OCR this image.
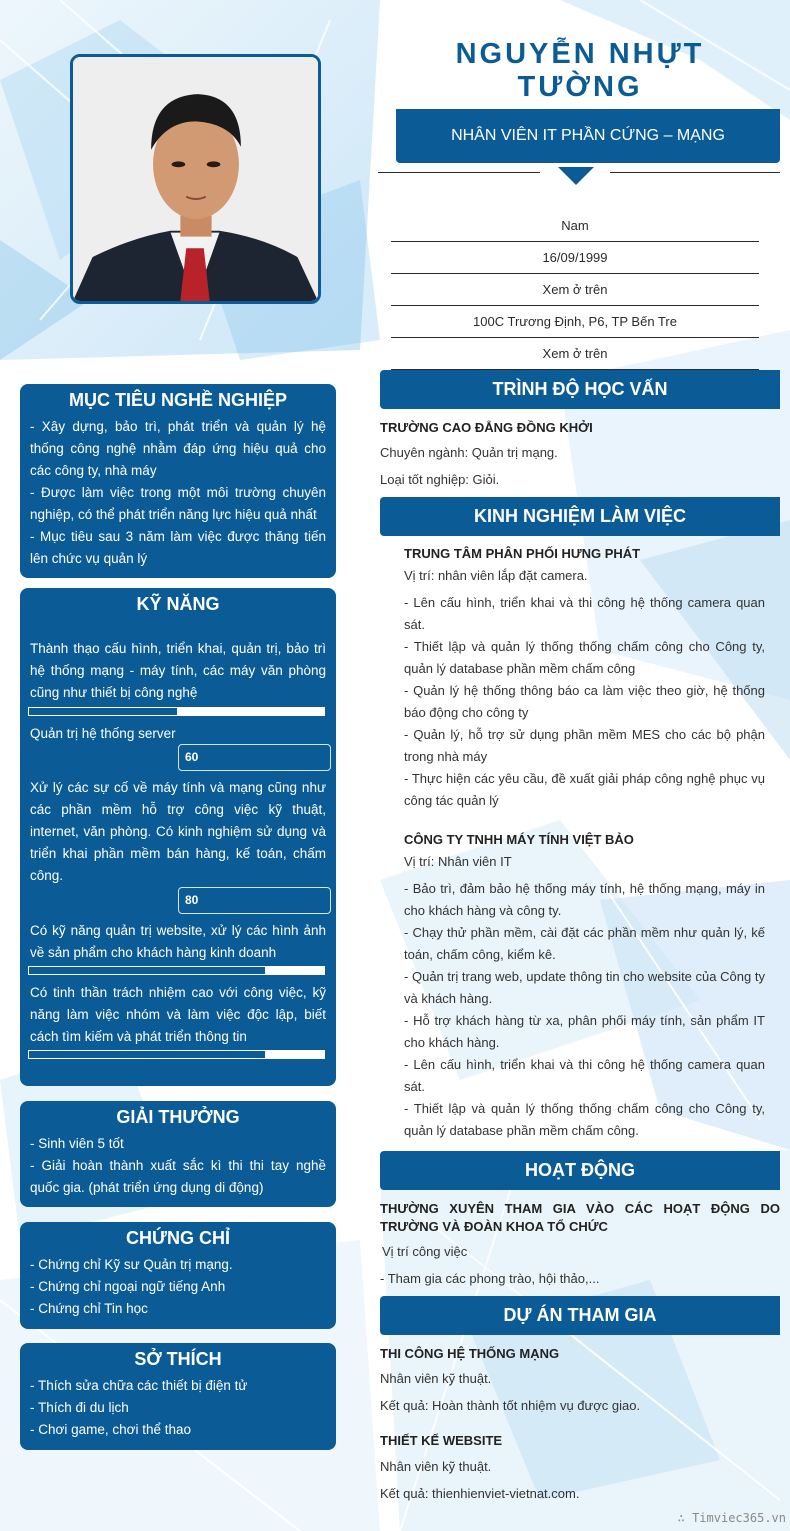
NGUYỄN NHỰT
TƯỜNG
NHÂN VIÊN IT PHẦN CỨNG – MẠNG
Nam
16/09/1999
Xem ở trên
100C Trương Định, P6, TP Bến Tre
Xem ở trên
MỤC TIÊU NGHỀ NGHIỆP
- Xây dựng, bảo trì, phát triển và quản lý hệ thống công nghệ nhằm đáp ứng hiệu quả cho các công ty, nhà máy
- Được làm việc trong một môi trường chuyên nghiệp, có thể phát triển năng lực hiệu quả nhất
- Mục tiêu sau 3 năm làm việc được thăng tiến lên chức vụ quản lý
KỸ NĂNG
Thành thạo cấu hình, triển khai, quản trị, bảo trì hệ thống mạng - máy tính, các máy văn phòng cũng như thiết bị công nghệ
Quản trị hệ thống server
60
Xử lý các sự cố về máy tính và mạng cũng như các phần mềm hỗ trợ công việc kỹ thuật, internet, văn phòng. Có kinh nghiệm sử dụng và triển khai phần mềm bán hàng, kế toán, chấm công.
80
Có kỹ năng quản trị website, xử lý các hình ảnh về sản phẩm cho khách hàng kinh doanh
Có tinh thần trách nhiệm cao với công việc, kỹ năng làm việc nhóm và làm việc độc lập, biết cách tìm kiếm và phát triển thông tin
GIẢI THƯỞNG
- Sinh viên 5 tốt
- Giải hoàn thành xuất sắc kì thi thi tay nghề quốc gia. (phát triển ứng dụng di động)
CHỨNG CHỈ
- Chứng chỉ Kỹ sư Quản trị mạng.
- Chứng chỉ ngoại ngữ tiếng Anh
- Chứng chỉ Tin học
SỞ THÍCH
- Thích sửa chữa các thiết bị điện tử
- Thích đi du lịch
- Chơi game, chơi thể thao
TRÌNH ĐỘ HỌC VẤN
TRƯỜNG CAO ĐẲNG ĐỒNG KHỞI
Chuyên ngành: Quản trị mạng.
Loại tốt nghiệp: Giỏi.
KINH NGHIỆM LÀM VIỆC
TRUNG TÂM PHÂN PHỐI HƯNG PHÁT
Vị trí: nhân viên lắp đặt camera.
- Lên cấu hình, triển khai và thi công hệ thống camera quan sát.
- Thiết lập và quản lý thống thống chấm công cho Công ty, quản lý database phần mềm chấm công
- Quản lý hệ thống thông báo ca làm việc theo giờ, hệ thống báo động cho công ty
- Quản lý, hỗ trợ sử dụng phần mềm MES cho các bộ phận trong nhà máy
- Thực hiện các yêu cầu, đề xuất giải pháp công nghệ phục vụ công tác quản lý
CÔNG TY TNHH MÁY TÍNH VIỆT BẢO
Vị trí: Nhân viên IT
- Bảo trì, đảm bảo hệ thống máy tính, hệ thống mạng, máy in cho khách hàng và công ty.
- Chạy thử phần mềm, cài đặt các phần mềm như quản lý, kế toán, chấm công, kiểm kê.
- Quản trị trang web, update thông tin cho website của Công ty và khách hàng.
- Hỗ trợ khách hàng từ xa, phân phối máy tính, sản phẩm IT cho khách hàng.
- Lên cấu hình, triển khai và thi công hệ thống camera quan sát.
- Thiết lập và quản lý thống thống chấm công cho Công ty, quản lý database phần mềm chấm công.
HOẠT ĐỘNG
THƯỜNG XUYÊN THAM GIA VÀO CÁC HOẠT ĐỘNG DO TRƯỜNG VÀ ĐOÀN KHOA TỔ CHỨC
Vị trí công việc
- Tham gia các phong trào, hội thảo,...
DỰ ÁN THAM GIA
THI CÔNG HỆ THỐNG MẠNG
Nhân viên kỹ thuật.
Kết quả: Hoàn thành tốt nhiệm vụ được giao.
THIẾT KẾ WEBSITE
Nhân viên kỹ thuật.
Kết quả: thienhienviet-vietnat.com.
∴ Timviec365.vn
